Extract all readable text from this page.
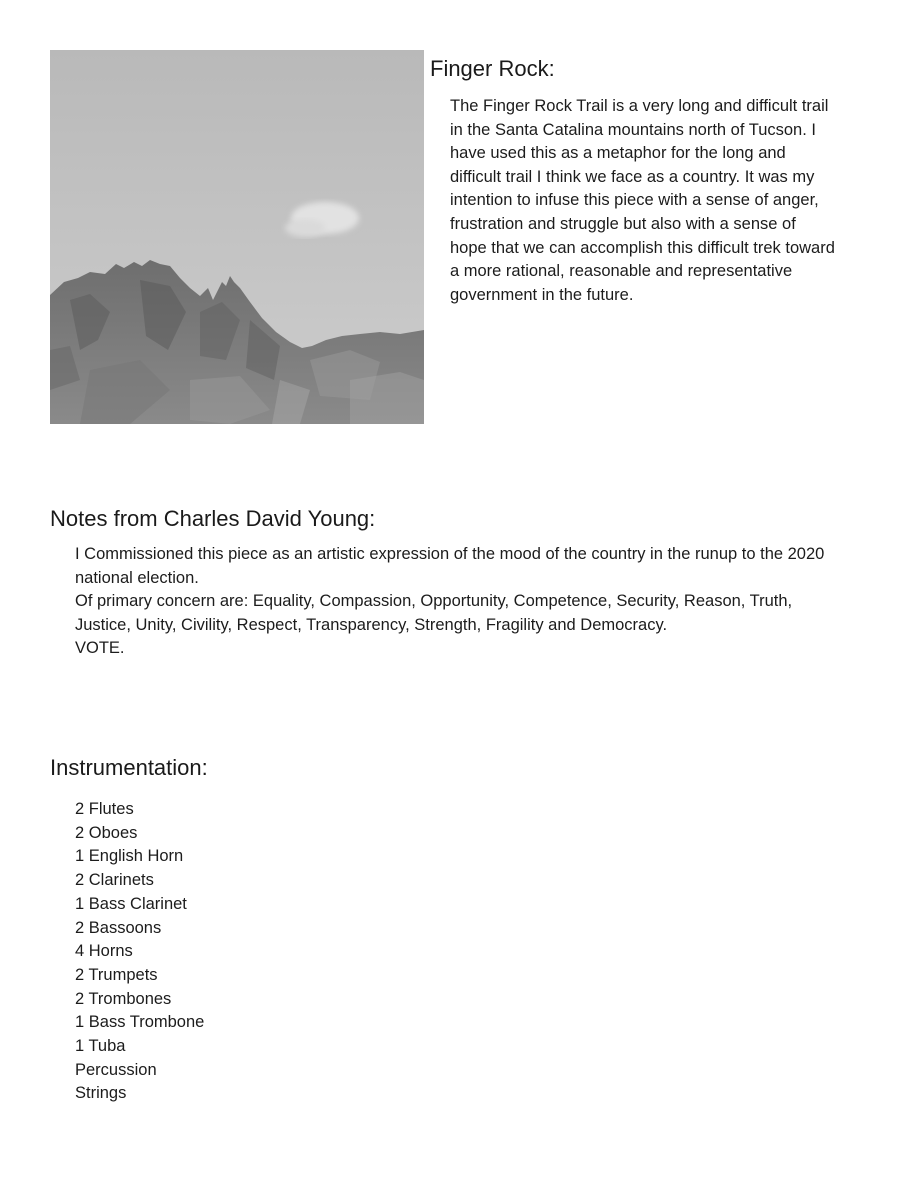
Finger Rock:

The Finger Rock Trail is a very long and difficult trail in the Santa Catalina mountains north of Tucson. I have used this as a metaphor for the long and difficult trail I think we face as a country. It was my intention to infuse this piece with a sense of anger, frustration and struggle but also with a sense of hope that we can accomplish this difficult trek toward a more rational, reasonable and representative government in the future.

Notes from Charles David Young:

I Commissioned this piece as an artistic expression of the mood of the country in the runup to the 2020 national election.

Of primary concern are: Equality, Compassion, Opportunity, Competence, Security, Reason, Truth, Justice, Unity, Civility, Respect, Transparency, Strength, Fragility and Democracy.

VOTE.

Instrumentation:
2 Flutes
2 Oboes
1 English Horn
2 Clarinets
1 Bass Clarinet
2 Bassoons
4 Horns
2 Trumpets
2 Trombones
1 Bass Trombone
1 Tuba
Percussion
Strings
